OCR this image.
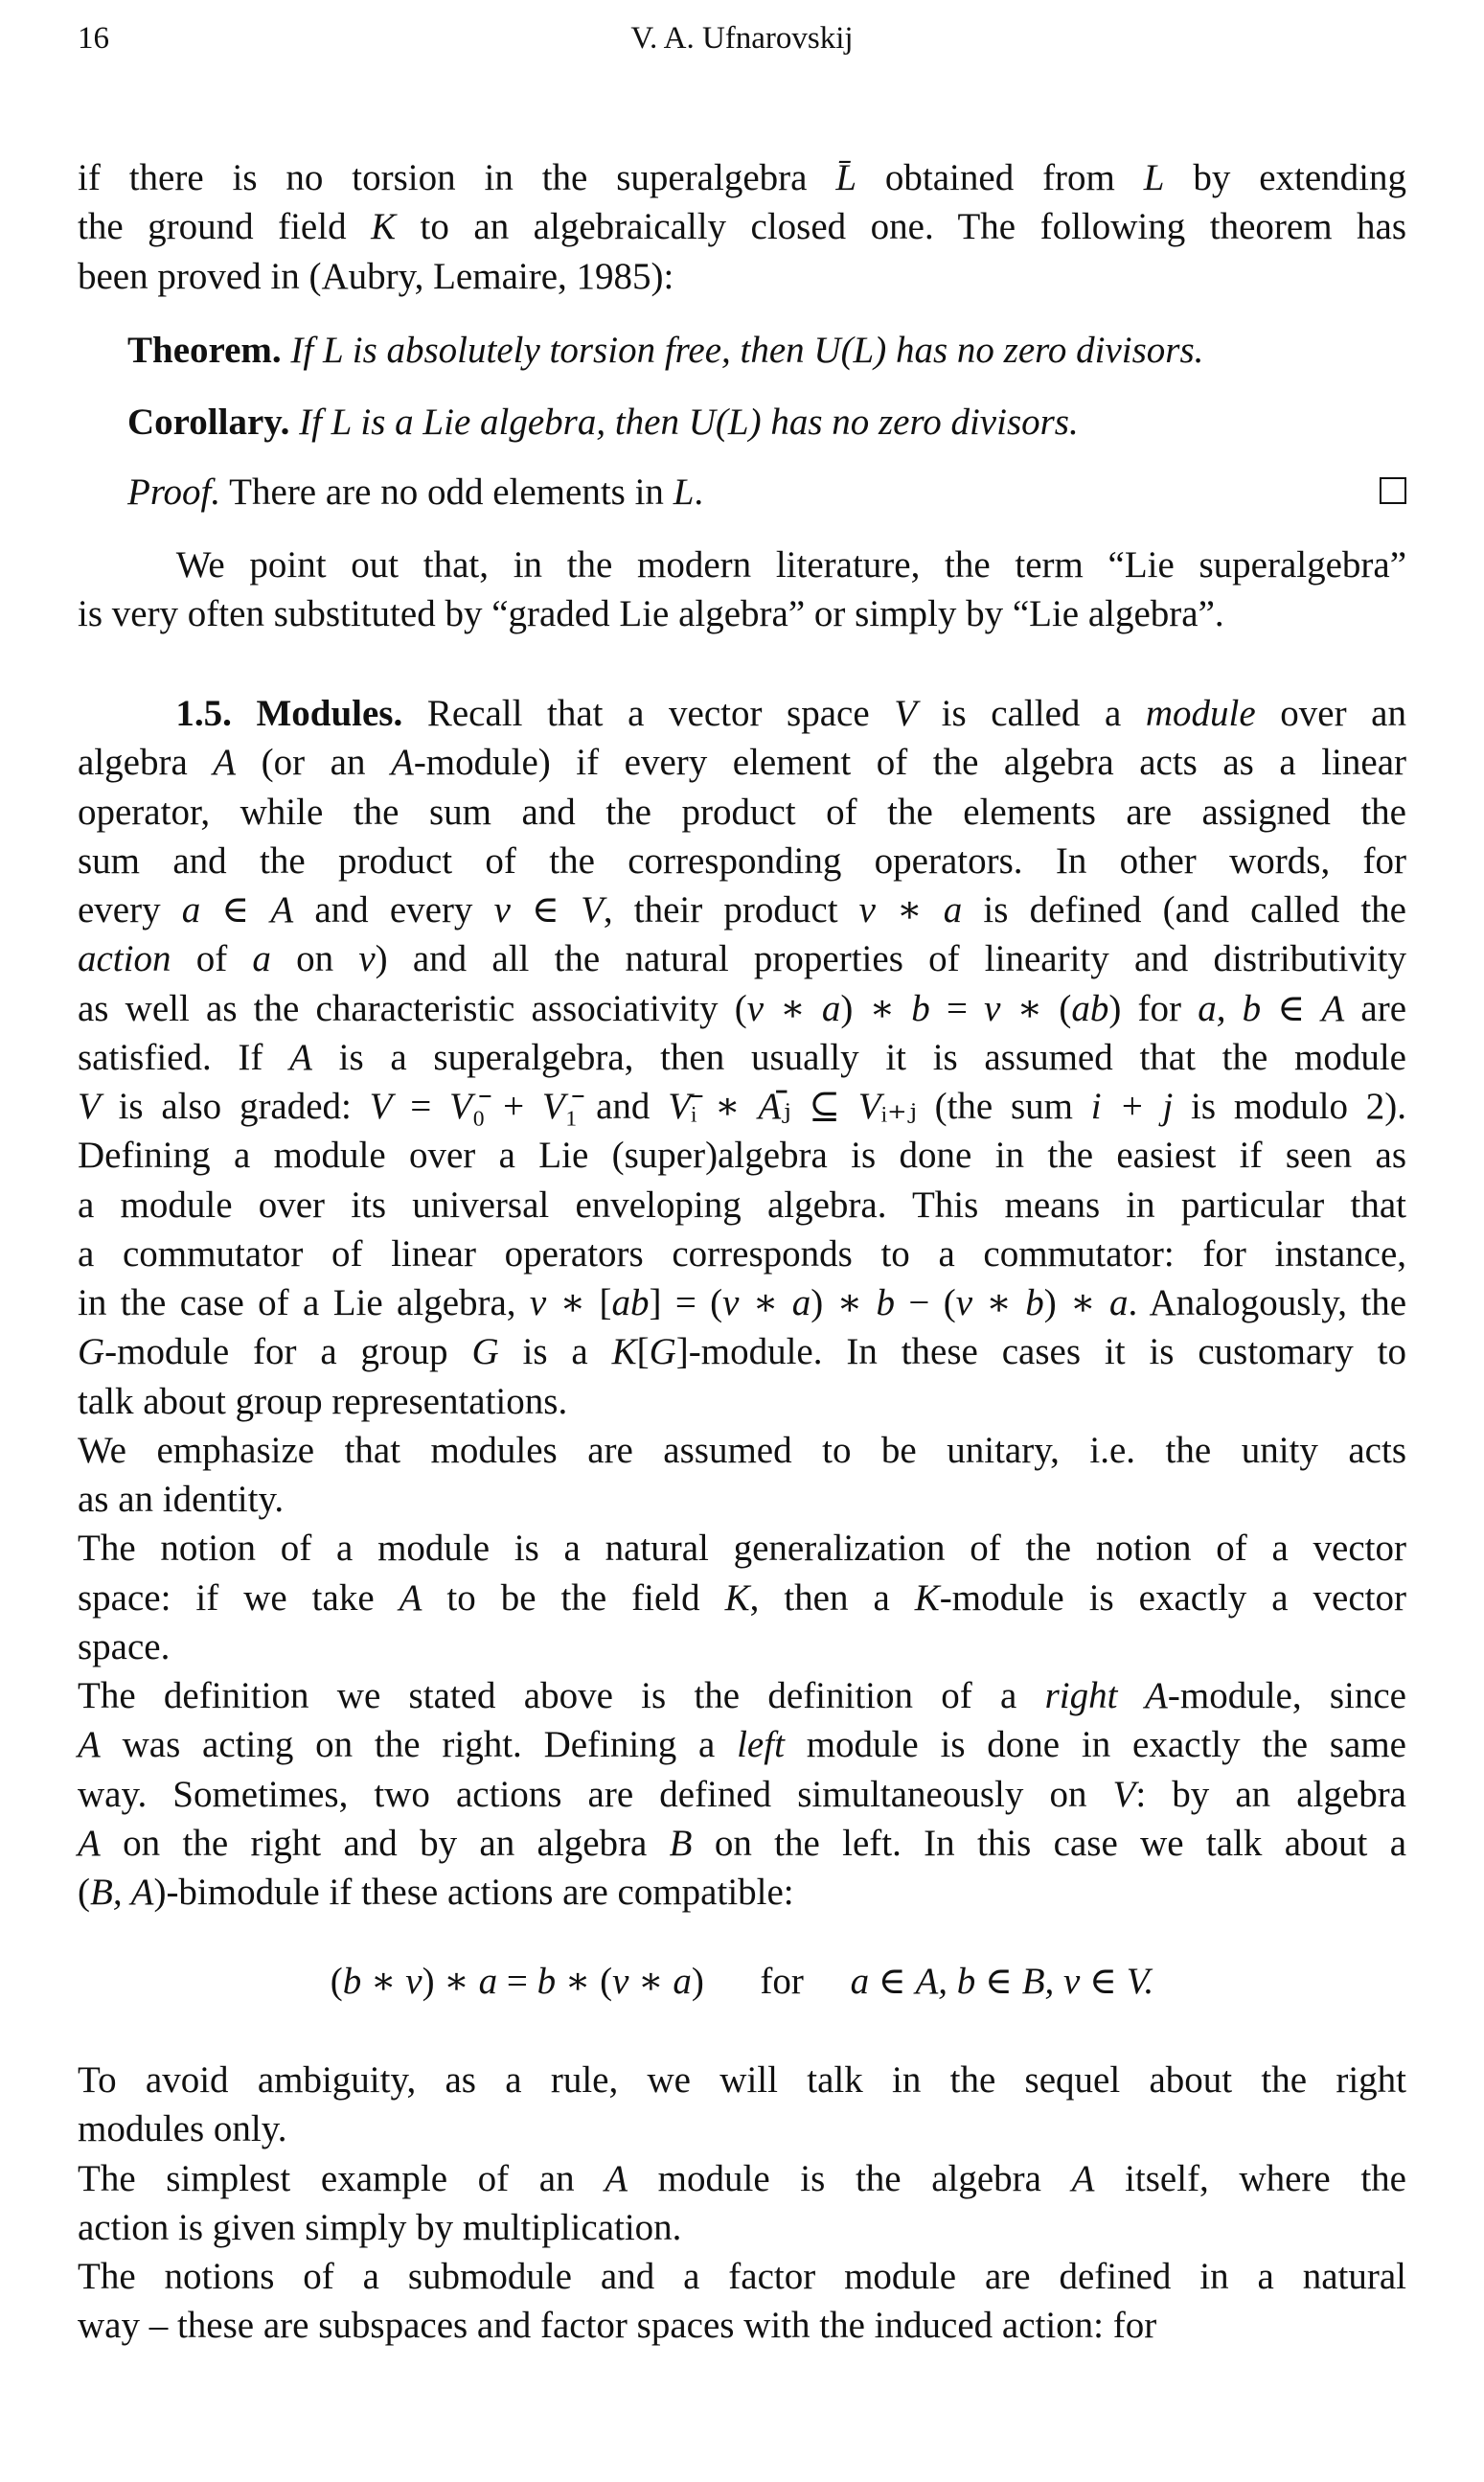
16	V. A. Ufnarovskij
if there is no torsion in the superalgebra L̄ obtained from L by extending
the ground field K to an algebraically closed one. The following theorem has
been proved in (Aubry, Lemaire, 1985):
Theorem. If L is absolutely torsion free, then U(L) has no zero divisors.
Corollary. If L is a Lie algebra, then U(L) has no zero divisors.
Proof. There are no odd elements in L.
We point out that, in the modern literature, the term “Lie superalgebra”
is very often substituted by “graded Lie algebra” or simply by “Lie algebra”.
1.5. Modules. Recall that a vector space V is called a module over an
algebra A (or an A-module) if every element of the algebra acts as a linear
operator, while the sum and the product of the elements are assigned the
sum and the product of the corresponding operators. In other words, for
every a ∈ A and every v ∈ V, their product v ∗ a is defined (and called the
action of a on v) and all the natural properties of linearity and distributivity
as well as the characteristic associativity (v ∗ a) ∗ b = v ∗ (ab) for a, b ∈ A are
satisfied. If A is a superalgebra, then usually it is assumed that the module
V is also graded: V = V₀̄ + V₁̄ and Vᵢ̄ ∗ Aⱼ̄ ⊆ Vᵢ₊ⱼ (the sum i + j is modulo 2).
Defining a module over a Lie (super)algebra is done in the easiest if seen as
a module over its universal enveloping algebra. This means in particular that
a commutator of linear operators corresponds to a commutator: for instance,
in the case of a Lie algebra, v ∗ [ab] = (v ∗ a) ∗ b − (v ∗ b) ∗ a. Analogously, the
G-module for a group G is a K[G]-module. In these cases it is customary to
talk about group representations.
We emphasize that modules are assumed to be unitary, i.e. the unity acts
as an identity.
The notion of a module is a natural generalization of the notion of a vector
space: if we take A to be the field K, then a K-module is exactly a vector
space.
The definition we stated above is the definition of a right A-module, since
A was acting on the right. Defining a left module is done in exactly the same
way. Sometimes, two actions are defined simultaneously on V: by an algebra
A on the right and by an algebra B on the left. In this case we talk about a
(B, A)-bimodule if these actions are compatible:
To avoid ambiguity, as a rule, we will talk in the sequel about the right
modules only.
The simplest example of an A module is the algebra A itself, where the
action is given simply by multiplication.
The notions of a submodule and a factor module are defined in a natural
way – these are subspaces and factor spaces with the induced action: for
(b ∗ v) ∗ a = b ∗ (v ∗ a)      for     a ∈ A, b ∈ B, v ∈ V.
